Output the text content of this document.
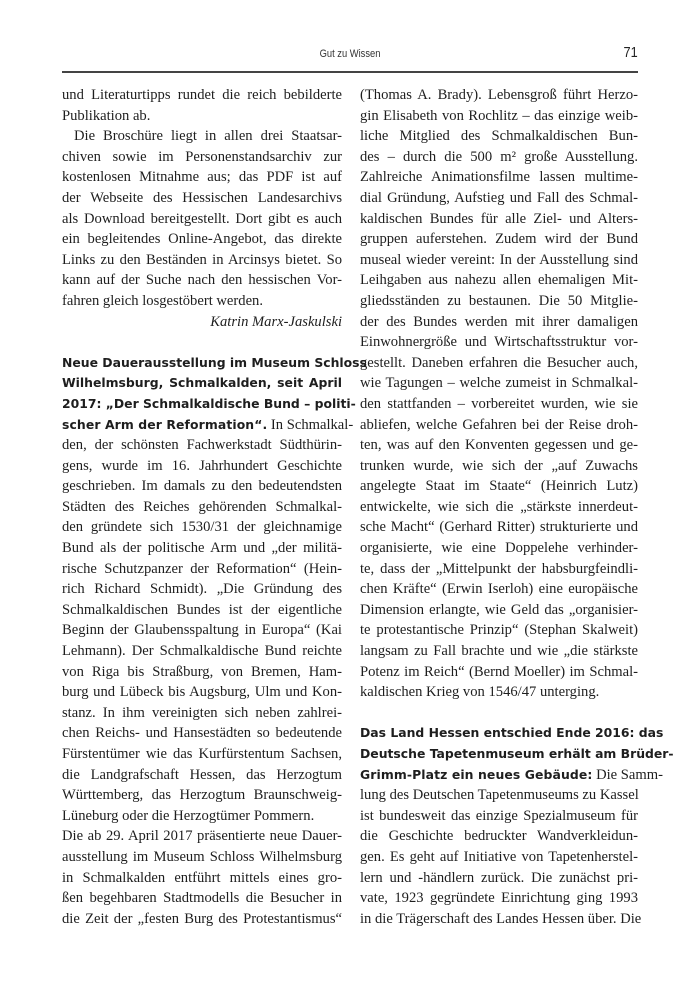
Gut zu Wissen	71
und Literaturtipps rundet die reich bebilderte
Publikation ab.
Die Broschüre liegt in allen drei Staatsar-
chiven sowie im Personenstandsarchiv zur
kostenlosen Mitnahme aus; das PDF ist auf
der Webseite des Hessischen Landesarchivs
als Download bereitgestellt. Dort gibt es auch
ein begleitendes Online-Angebot, das direkte
Links zu den Beständen in Arcinsys bietet. So
kann auf der Suche nach den hessischen Vor-
fahren gleich losgestöbert werden.
Katrin Marx-Jaskulski
Neue Dauerausstellung im Museum Schloss
Wilhelmsburg, Schmalkalden, seit April
2017: „Der Schmalkaldische Bund – politi-
scher Arm der Reformation“. In Schmalkal-
den, der schönsten Fachwerkstadt Südthürin-
gens, wurde im 16. Jahrhundert Geschichte
geschrieben. Im damals zu den bedeutendsten
Städten des Reiches gehörenden Schmalkal-
den gründete sich 1530/31 der gleichnamige
Bund als der politische Arm und „der militä-
rische Schutzpanzer der Reformation“ (Hein-
rich Richard Schmidt). „Die Gründung des
Schmalkaldischen Bundes ist der eigentliche
Beginn der Glaubensspaltung in Europa“ (Kai
Lehmann). Der Schmalkaldische Bund reichte
von Riga bis Straßburg, von Bremen, Ham-
burg und Lübeck bis Augsburg, Ulm und Kon-
stanz. In ihm vereinigten sich neben zahlrei-
chen Reichs- und Hansestädten so bedeutende
Fürstentümer wie das Kurfürstentum Sachsen,
die Landgrafschaft Hessen, das Herzogtum
Württemberg, das Herzogtum Braunschweig-
Lüneburg oder die Herzogtümer Pommern.
Die ab 29. April 2017 präsentierte neue Dauer-
ausstellung im Museum Schloss Wilhelmsburg
in Schmalkalden entführt mittels eines gro-
ßen begehbaren Stadtmodells die Besucher in
die Zeit der „festen Burg des Protestantismus“
(Thomas A. Brady). Lebensgroß führt Herzo-
gin Elisabeth von Rochlitz – das einzige weib-
liche Mitglied des Schmalkaldischen Bun-
des – durch die 500 m² große Ausstellung.
Zahlreiche Animationsfilme lassen multime-
dial Gründung, Aufstieg und Fall des Schmal-
kaldischen Bundes für alle Ziel- und Alters-
gruppen auferstehen. Zudem wird der Bund
museal wieder vereint: In der Ausstellung sind
Leihgaben aus nahezu allen ehemaligen Mit-
gliedsständen zu bestaunen. Die 50 Mitglie-
der des Bundes werden mit ihrer damaligen
Einwohnergröße und Wirtschaftsstruktur vor-
gestellt. Daneben erfahren die Besucher auch,
wie Tagungen – welche zumeist in Schmalkal-
den stattfanden – vorbereitet wurden, wie sie
abliefen, welche Gefahren bei der Reise droh-
ten, was auf den Konventen gegessen und ge-
trunken wurde, wie sich der „auf Zuwachs
angelegte Staat im Staate“ (Heinrich Lutz)
entwickelte, wie sich die „stärkste innerdeut-
sche Macht“ (Gerhard Ritter) strukturierte und
organisierte, wie eine Doppelehe verhinder-
te, dass der „Mittelpunkt der habsburgfeindli-
chen Kräfte“ (Erwin Iserloh) eine europäische
Dimension erlangte, wie Geld das „organisier-
te protestantische Prinzip“ (Stephan Skalweit)
langsam zu Fall brachte und wie „die stärkste
Potenz im Reich“ (Bernd Moeller) im Schmal-
kaldischen Krieg von 1546/47 unterging.
Das Land Hessen entschied Ende 2016: das
Deutsche Tapetenmuseum erhält am Brüder-
Grimm-Platz ein neues Gebäude: Die Samm-
lung des Deutschen Tapetenmuseums zu Kassel
ist bundesweit das einzige Spezialmuseum für
die Geschichte bedruckter Wandverkleidun-
gen. Es geht auf Initiative von Tapetenherstel-
lern und -händlern zurück. Die zunächst pri-
vate, 1923 gegründete Einrichtung ging 1993
in die Trägerschaft des Landes Hessen über. Die
